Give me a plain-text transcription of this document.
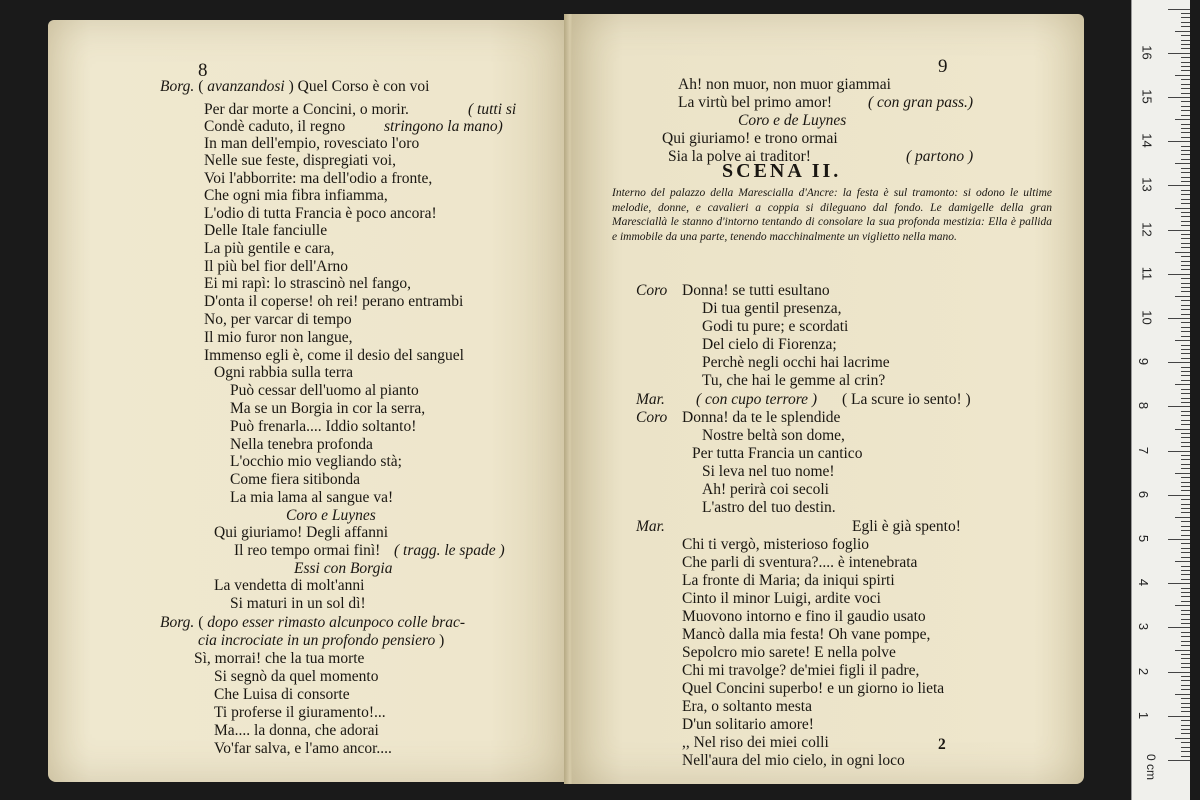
8
Borg. ( avanzandosi ) Quel Corso è con voi
Per dar morte a Concini, o morir.	( tutti si
Condè caduto, il regno	stringono la mano)
In man dell'empio, rovesciato l'oro
Nelle sue feste, dispregiati voi,
Voi l'abborrite: ma dell'odio a fronte,
Che ogni mia fibra infiamma,
L'odio di tutta Francia è poco ancora!
Delle Itale fanciulle
La più gentile e cara,
Il più bel fior dell'Arno
Ei mi rapì: lo strascinò nel fango,
D'onta il coperse! oh rei! perano entrambi
No, per varcar di tempo
Il mio furor non langue,
Immenso egli è, come il desio del sanguel
Ogni rabbia sulla terra
Può cessar dell'uomo al pianto
Ma se un Borgia in cor la serra,
Può frenarla.... Iddio soltanto!
Nella tenebra profonda
L'occhio mio vegliando stà;
Come fiera sitibonda
La mia lama al sangue va!
Coro e Luynes
Qui giuriamo! Degli affanni
Il reo tempo ormai finì! ( tragg. le spade )
Essi con Borgia
La vendetta di molt'anni
Si maturi in un sol dì!
Borg. ( dopo esser rimasto alcunpoco colle brac-
cia incrociate in un profondo pensiero )
Sì, morrai! che la tua morte
Si segnò da quel momento
Che Luisa di consorte
Ti proferse il giuramento!...
Ma.... la donna, che adorai
Vo'far salva, e l'amo ancor....
9
Ah! non muor, non muor giammai
La virtù bel primo amor! ( con gran pass.)
Coro e de Luynes
Qui giuriamo! e trono ormai
Sia la polve ai traditor!	( partono )
SCENA II.
Interno del palazzo della Marescialla d'Ancre: la festa è sul tramonto: si odono le ultime melodie, donne, e cavalieri a coppia si dileguano dal fondo. Le damigelle della gran Maresciallà le stanno d'intorno tentando di consolare la sua profonda mestizia: Ella è pallida e immobile da una parte, tenendo macchinalmente un viglietto nella mano.
Coro Donna! se tutti esultano
Di tua gentil presenza,
Godi tu pure; e scordati
Del cielo di Fiorenza;
Perchè negli occhi hai lacrime
Tu, che hai le gemme al crin?
Mar. ( con cupo terrore ) ( La scure io sento! )
Coro Donna! da te le splendide
Nostre beltà son dome,
Per tutta Francia un cantico
Si leva nel tuo nome!
Ah! perirà coi secoli
L'astro del tuo destin.
Mar.	Egli è già spento!
Chi ti vergò, misterioso foglio
Che parli di sventura?.... è intenebrata
La fronte di Maria; da iniqui spirti
Cinto il minor Luigi, ardite voci
Muovono intorno e fino il gaudio usato
Mancò dalla mia festa! Oh vane pompe,
Sepolcro mio sarete! E nella polve
Chi mi travolge? de'miei figli il padre,
Quel Concini superbo! e un giorno io lieta
Era, o soltanto mesta
D'un solitario amore!
,, Nel riso dei miei colli
Nell'aura del mio cielo, in ogni loco
2
1
2
3
4
5
6
7
8
9
10
11
12
13
14
15
16
0 cm
